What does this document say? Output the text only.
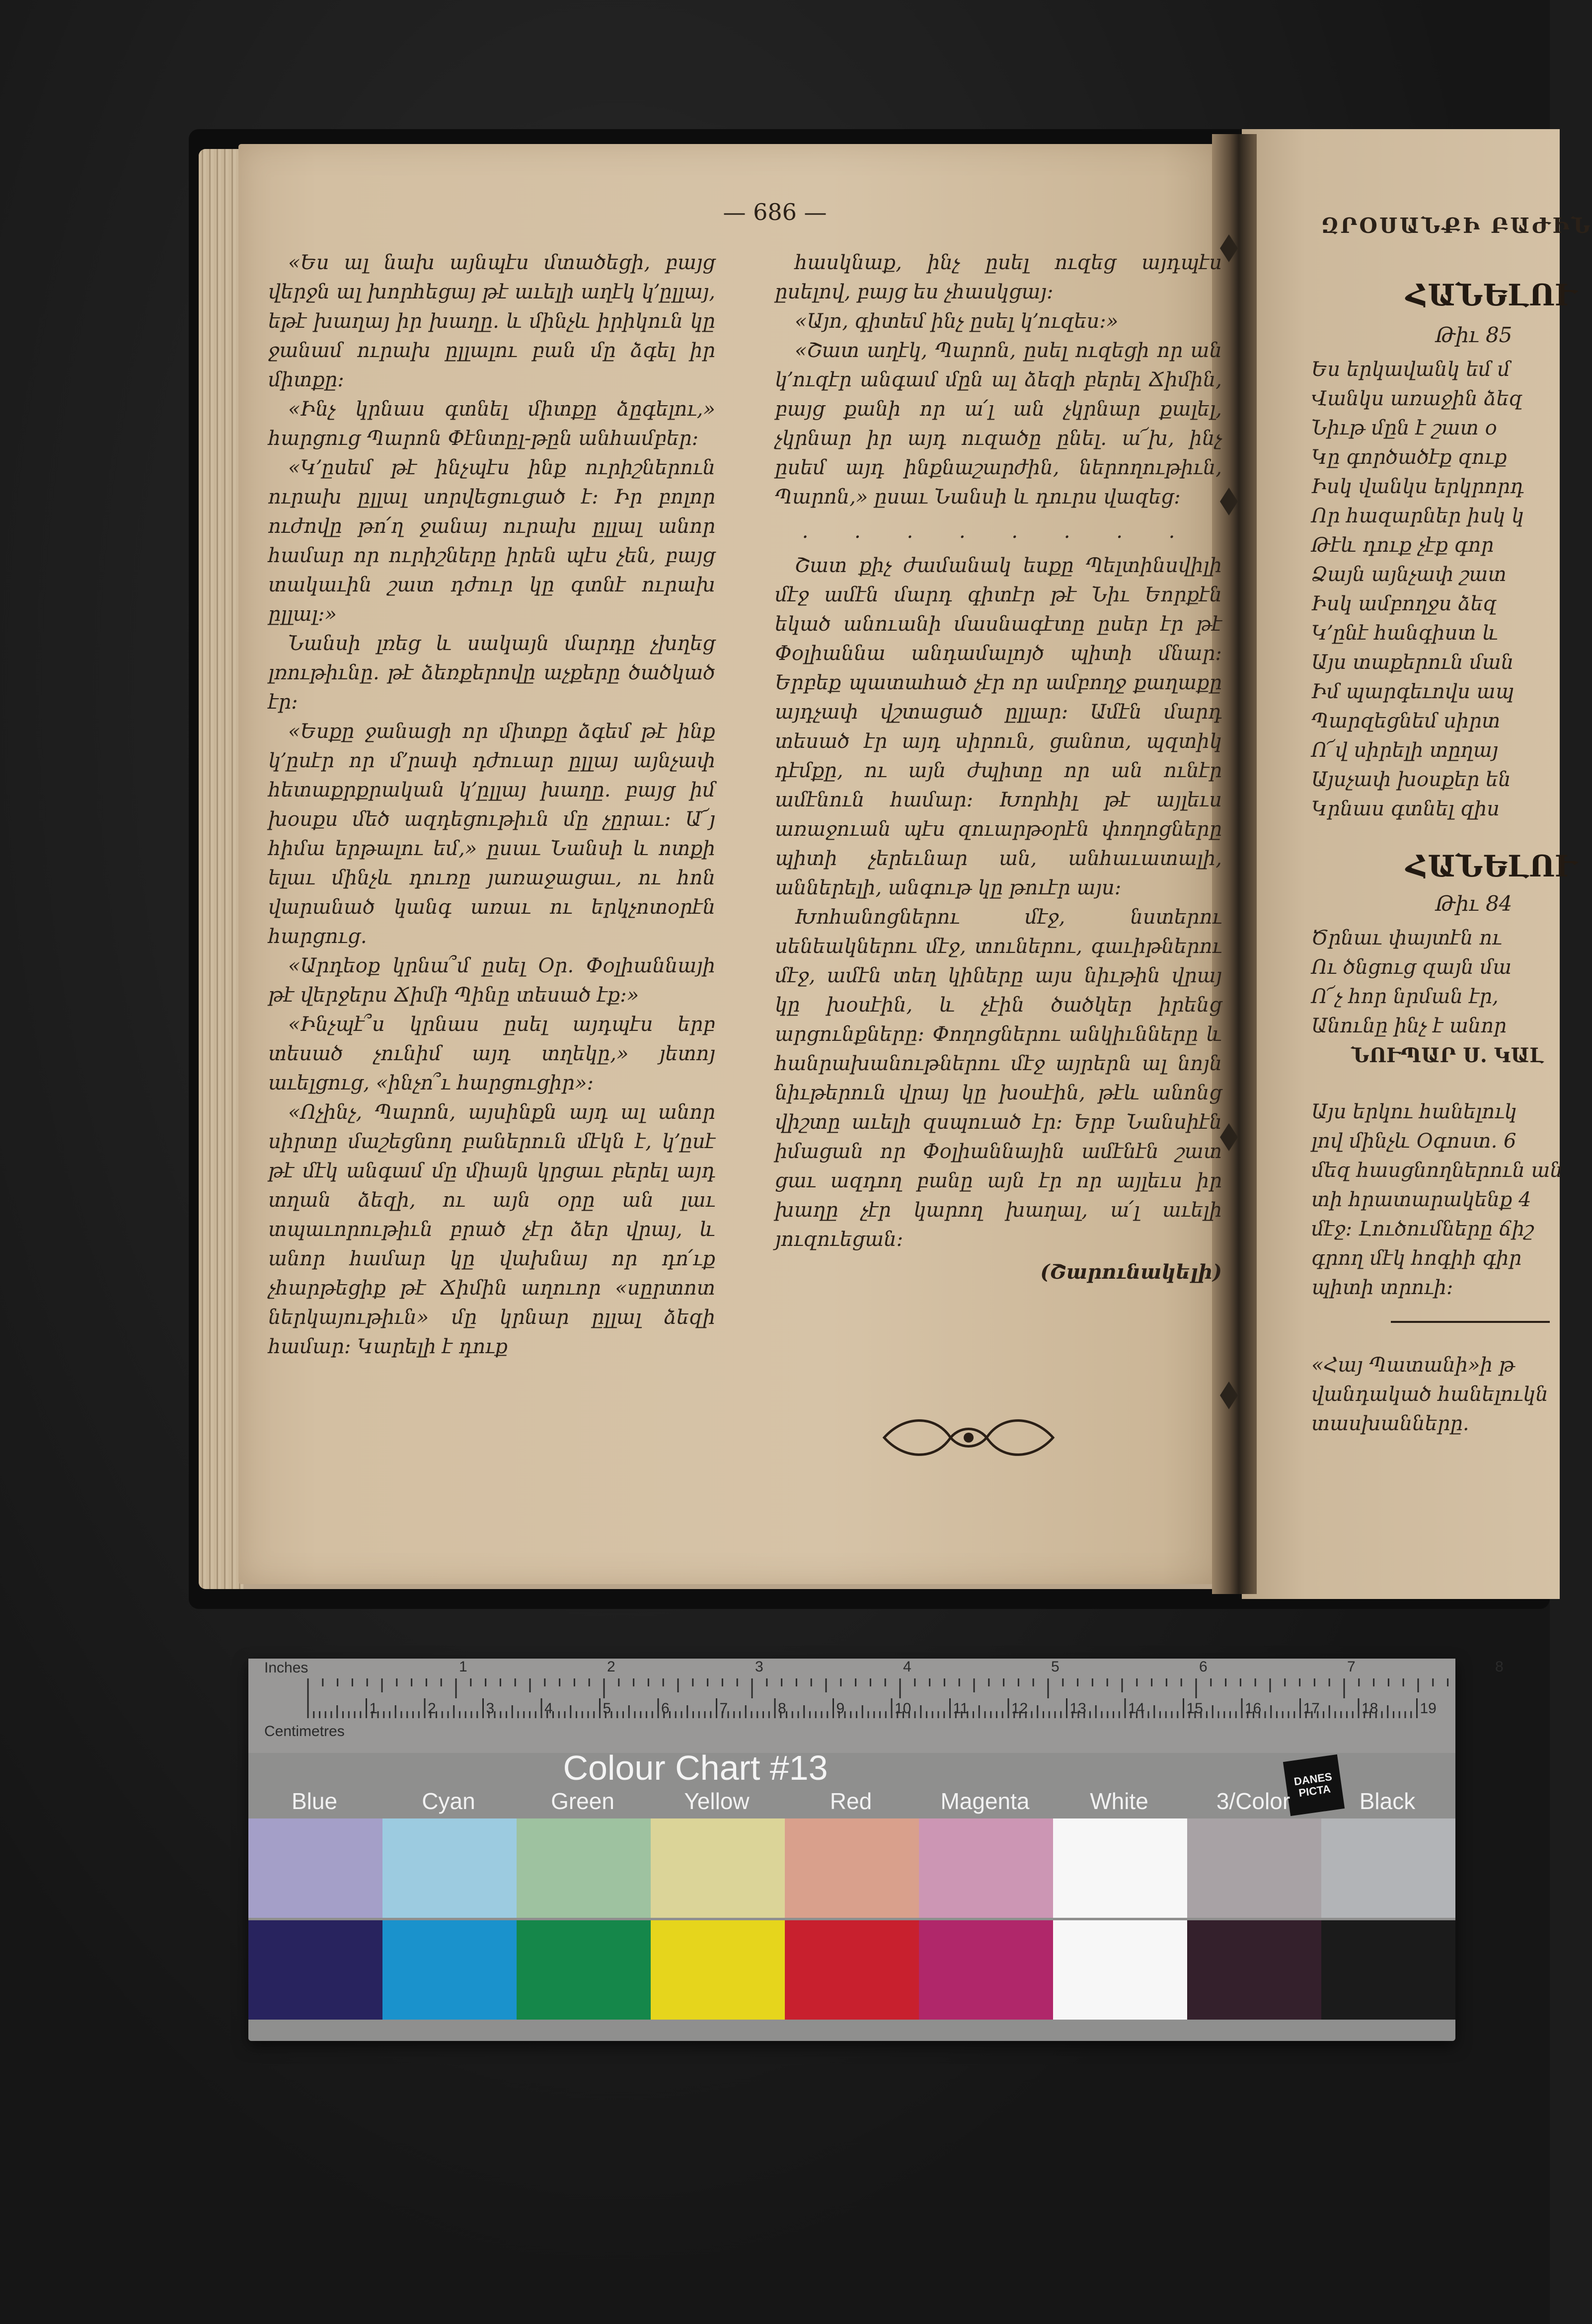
— 686 —

«Ես ալ նախ այնպէս մտածեցի, բայց վերջն ալ խորհեցայ թէ աւելի աղէկ կ՚ըլլայ, եթէ խաղայ իր խաղը. և մինչև իրիկուն կը ջանամ ուրախ ըլլալու բան մը ձգել իր միտքը։

«Ինչ կրնաս գտնել միտքը ձըգելու,» հարցուց Պարոն Փէնտըլ-թըն անհամբեր։

«Կ՚ըսեմ թէ ինչպէս ինք ուրիշներուն ուրախ ըլլալ սորվեցուցած է։ Իր բոլոր ուժովը թո՛ղ ջանայ ուրախ ըլլալ անոր համար որ ուրիշները իրեն պէս չեն, բայց տակաւին շատ դժուր կը գտնէ ուրախ ըլլալ։»

Նանսի լռեց և սակայն մարդը չխղեց լռութիւնը. թէ ձեռքերովը աչքերը ծածկած էր։

«Եսքը ջանացի որ միտքը ձգեմ թէ ինք կ՚ըսէր որ մ՚րափ դժուար ըլլայ այնչափ հետաքրքրական կ՚ըլլայ խաղը. բայց իմ խօսքս մեծ ազդեցութիւն մը չըրաւ։ Ա՜յ հիմա երթալու եմ,» ըսաւ Նանսի և ոտքի ելաւ մինչև դուռը յառաջացաւ, ու հոն վարանած կանգ առաւ ու երկչոտօրէն հարցուց.

«Արդեօք կրնա՞մ ըսել Օր. Փօլիաննայի թէ վերջերս Ճիմի Պինը տեսած էք։»

«Ինչպէ՞ս կրնաս ըսել այդպէս երբ տեսած չունիմ այդ տղեկը,» յետոյ աւելցուց, «ինչո՞ւ հարցուցիր»։

«Ոչինչ, Պարոն, այսինքն այդ ալ անոր սիրտը մաշեցնող բաներուն մէկն է, կ՚ըսէ թէ մէկ անգամ մը միայն կրցաւ բերել այդ տղան ձեզի, ու այն օրը ան լաւ տպաւորութիւն բրած չէր ձեր վրայ, և անոր համար կը վախնայ որ դո՛ւք չհարթեցիք թէ Ճիմին աղուոր «սըրտոտ ներկայութիւն» մը կրնար ըլլալ ձեզի համար։ Կարելի է դուք

հասկնաք, ինչ ըսել ուզեց այդպէս ըսելով, բայց ես չհասկցայ։

«Այո, գիտեմ ինչ ըսել կ՚ուզես։»

«Շատ աղէկ, Պարոն, ըսել ուզեցի որ ան կ՚ուզէր անգամ մըն ալ ձեզի բերել Ճիմին, բայց քանի որ ա՛լ ան չկրնար քալել, չկրնար իր այդ ուզածը ընել. ա՜խ, ինչ ըսեմ այդ ինքնաշարժին, ներողութիւն, Պարոն,» ըսաւ Նանսի և դուրս վազեց։

. . . . . . . .

Շատ քիչ ժամանակ եսքը Պելտինսվիլի մէջ ամէն մարդ գիտէր թէ Նիւ Եորքէն եկած անուանի մասնագէտը ըսեր էր թէ Փօլիաննա անդամալոյծ պիտի մնար։ Երբեք պատահած չէր որ ամբողջ քաղաքը այդչափ վշտացած ըլլար։ Ամէն մարդ տեսած էր այդ սիրուն, ցանոտ, պզտիկ դէմքը, ու այն ժպիտը որ ան ունէր ամէնուն համար։ Խորհիլ թէ այլեւս առաջուան պէս զուարթօրէն փողոցները պիտի չերեւնար ան, անհաւատալի, աններելի, անգութ կը թուէր այս։

Խոհանոցներու մէջ, նստերու սենեակներու մէջ, տուներու, գաւիթներու մէջ, ամէն տեղ կիները այս նիւթին վրայ կը խօսէին, և չէին ծածկեր իրենց արցունքները։ Փողոցներու անկիւնները և հանրախանութներու մէջ այրերն ալ նոյն նիւթերուն վրայ կը խօսէին, թէև անոնց վիշտը աւելի զսպուած էր։ Երբ Նանսիէն իմացան որ Փօլիաննային ամէնէն շատ ցաւ ազդող բանը այն էր որ այլեւս իր խաղը չէր կարող խաղալ, ա՛լ աւելի յուզուեցան։

(Շարունակելի)

ԶՐՕՍԱՆՔԻ ԲԱԺԻՆ
ՀԱՆԵԼՈՒ
Թիւ 85
Ես երկավանկ եմ մ
Վանկս առաջին ձեզ
Նիւթ մըն է շատ օ
Կը գործածէք զուք
Իսկ վանկս երկրորդ
Որ հազարներ իսկ կ
Թէև դուք չէք գոր
Ձայն այնչափ շատ
Իսկ ամբողջս ձեզ
Կ՚ընէ հանգիստ և
Այս տաքերուն ման
Իմ պարգեւովս ապ
Պարզեցնեմ սիրտ
Ո՜վ սիրելի տըղայ
Այսչափ խօսքեր են
Կրնաս գտնել զիս
ՀԱՆԵԼՈՒ
Թիւ 84
Ծրնաւ փայտէն ու
Ու ծնցուց զայն մա
Ո՜չ հոր նրման էր,
Անունը ինչ է անոր
ՆՈՒՊԱՐ Ս. ԿԱԼ
Այս երկու հանելուկ
լով մինչև Օգոստ. 6
մեզ հասցնողներուն ան
տի հրատարակենք 4
մէջ։ Լուծումները ճիշ
գրող մէկ հոգիի գիր
պիտի տրուի։
«Հայ Պատանի»ի թ
վանդակած հանելուկն
տասխանները.
Inches
Centimetres
1	2	3	4	5	6	7	8
1	2	3	4	5	6	7	8	9	10	11	12	13	14	15	16	17	18	19
Colour Chart #13	DANES PICTA
Blue	Cyan	Green	Yellow	Red	Magenta	White	3/Color	Black
